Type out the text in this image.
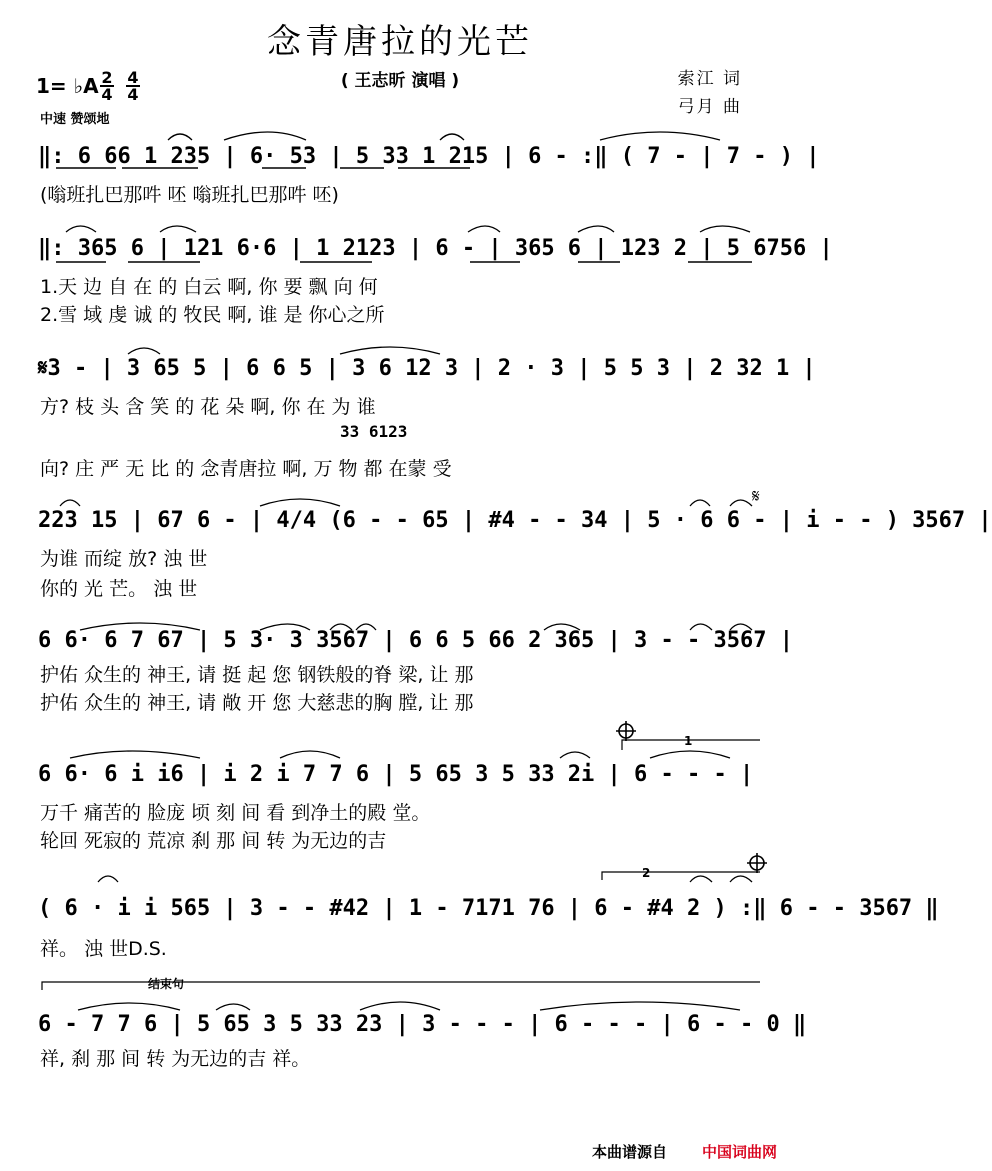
𝄋
念青唐拉的光芒
( 王志昕 演唱 )	索江 词
弓月 曲
1= ♭A $\frac{2}{4} 4$
4
中速 赞颂地
‖: 6 66 1 235 | 6· 53 | 5 33 1 215 | 6 - :‖ ( 7 - | 7 - ) |
(嗡班扎巴那吽 呸 嗡班扎巴那吽 呸)
‖: 365 6 | 121 6·6 | 1 2123 | 6 - | 365 6 | 123 2 | 5 6756 |
1.天 边 自 在 的 白云 啊, 你 要 飘 向 何
2.雪 域 虔 诚 的 牧民 啊, 谁 是 你心之所
𝄋3 - | 3 65 5 | 6 6 5 | 3 6 12 3 | 2 · 3 | 5 5 3 | 2 32 1 |
方? 枝 头 含 笑 的 花 朵 啊, 你 在 为 谁
33 6123
向? 庄 严 无 比 的 念青唐拉 啊, 万 物 都 在蒙 受
223 15 | 67 6 - | 4/4 (6 - - 65 | #4 - - 34 | 5 · 6 6 - | i - - ) 3567 |
为谁 而绽 放? 浊 世
你的 光 芒。 浊 世
6 6· 6 7 67 | 5 3· 3 3567 | 6 6 5 66 2 365 | 3 - - 3567 |
护佑 众生的 神王, 请 挺 起 您 钢铁般的脊 梁, 让 那
护佑 众生的 神王, 请 敞 开 您 大慈悲的胸 膛, 让 那
1
6 6· 6 i i6 | i 2 i 7 7 6 | 5 65 3 5 33 2i | 6 - - - |
万千 痛苦的 脸庞 顷 刻 间 看 到净土的殿 堂。
轮回 死寂的 荒凉 刹 那 间 转 为无边的吉
2
( 6 · i i 565 | 3 - - #42 | 1 - 7171 76 | 6 - #4 2 ) :‖ 6 - - 3567 ‖
祥。 浊 世D.S.
结束句
6 - 7 7 6 | 5 65 3 5 33 23 | 3 - - - | 6 - - - | 6 - - 0 ‖
祥, 刹 那 间 转 为无边的吉 祥。
本曲谱源自 中国词曲网
